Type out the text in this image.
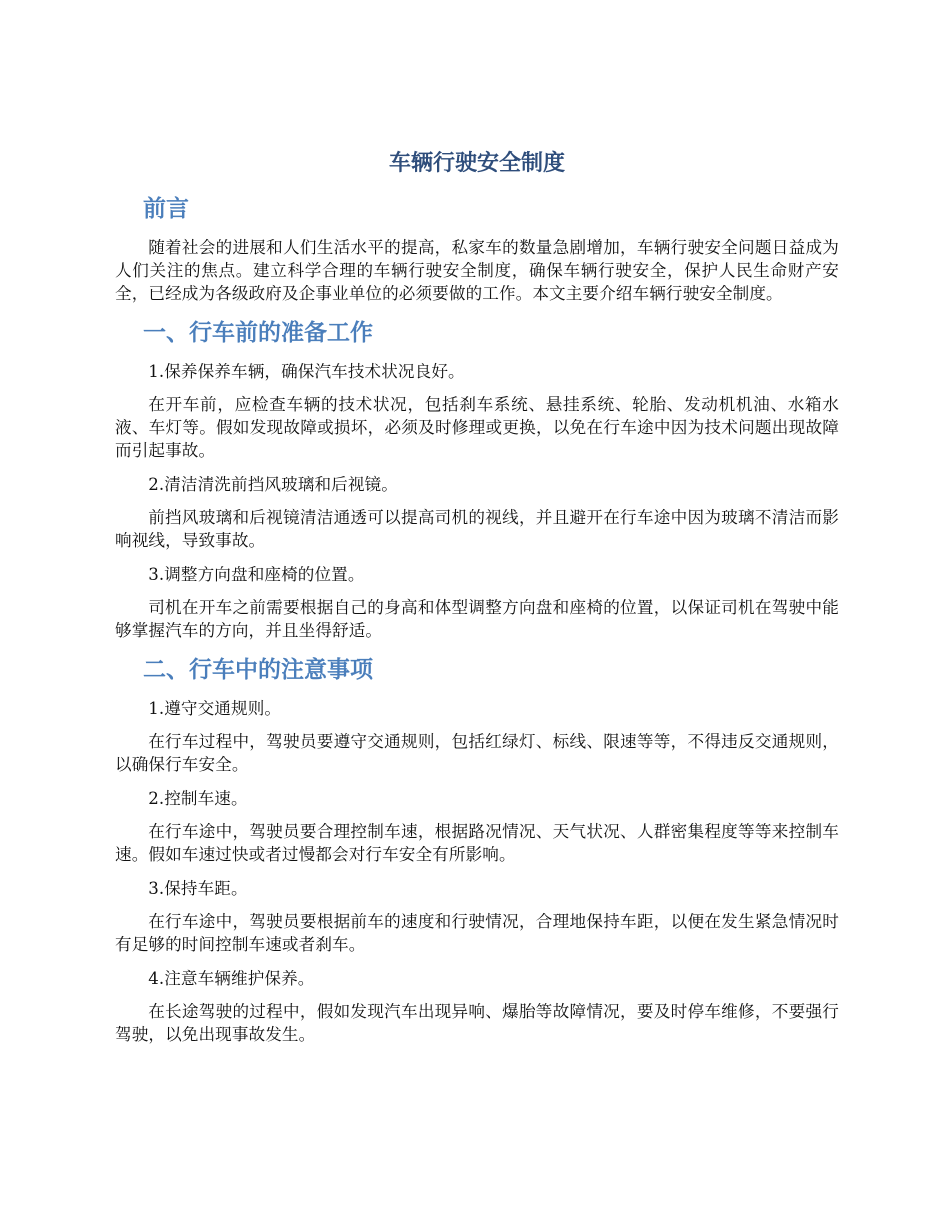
车辆行驶安全制度
前言

随着社会的进展和人们生活水平的提高，私家车的数量急剧增加，车辆行驶安全问题日益成为人们关注的焦点。建立科学合理的车辆行驶安全制度，确保车辆行驶安全，保护人民生命财产安全，已经成为各级政府及企事业单位的必须要做的工作。本文主要介绍车辆行驶安全制度。

一、行车前的准备工作

1.保养保养车辆，确保汽车技术状况良好。

在开车前，应检查车辆的技术状况，包括刹车系统、悬挂系统、轮胎、发动机机油、水箱水液、车灯等。假如发现故障或损坏，必须及时修理或更换，以免在行车途中因为技术问题出现故障而引起事故。

2.清洁清洗前挡风玻璃和后视镜。

前挡风玻璃和后视镜清洁通透可以提高司机的视线，并且避开在行车途中因为玻璃不清洁而影响视线，导致事故。

3.调整方向盘和座椅的位置。

司机在开车之前需要根据自己的身高和体型调整方向盘和座椅的位置，以保证司机在驾驶中能够掌握汽车的方向，并且坐得舒适。

二、行车中的注意事项

1.遵守交通规则。

在行车过程中，驾驶员要遵守交通规则，包括红绿灯、标线、限速等等，不得违反交通规则，以确保行车安全。

2.控制车速。

在行车途中，驾驶员要合理控制车速，根据路况情况、天气状况、人群密集程度等等来控制车速。假如车速过快或者过慢都会对行车安全有所影响。

3.保持车距。

在行车途中，驾驶员要根据前车的速度和行驶情况，合理地保持车距，以便在发生紧急情况时有足够的时间控制车速或者刹车。

4.注意车辆维护保养。

在长途驾驶的过程中，假如发现汽车出现异响、爆胎等故障情况，要及时停车维修，不要强行驾驶，以免出现事故发生。
